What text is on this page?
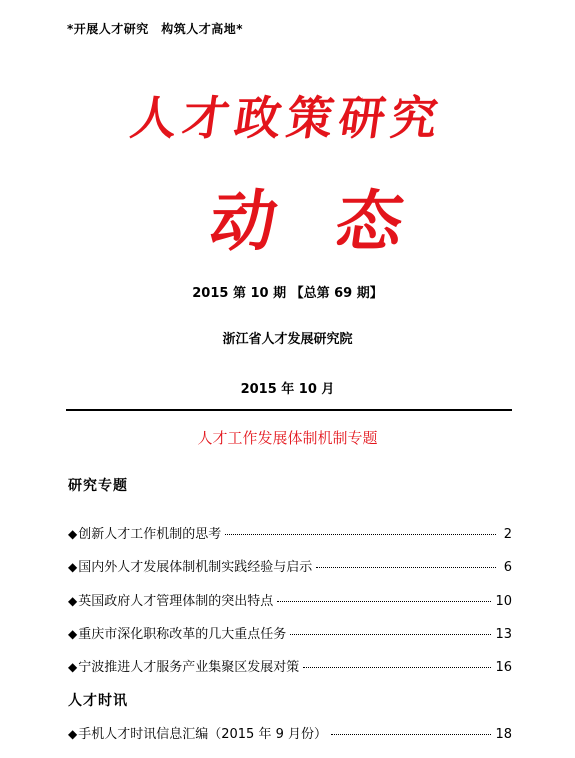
*开展人才研究　构筑人才高地*
人才政策研究
动态
2015 第 10 期 【总第 69 期】
浙江省人才发展研究院
2015 年 10 月
人才工作发展体制机制专题
研究专题
◆ 创新人才工作机制的思考	2
◆ 国内外人才发展体制机制实践经验与启示	6
◆ 英国政府人才管理体制的突出特点	10
◆ 重庆市深化职称改革的几大重点任务	13
◆ 宁波推进人才服务产业集聚区发展对策	16
人才时讯
◆ 手机人才时讯信息汇编（2015 年 9 月份）	18
